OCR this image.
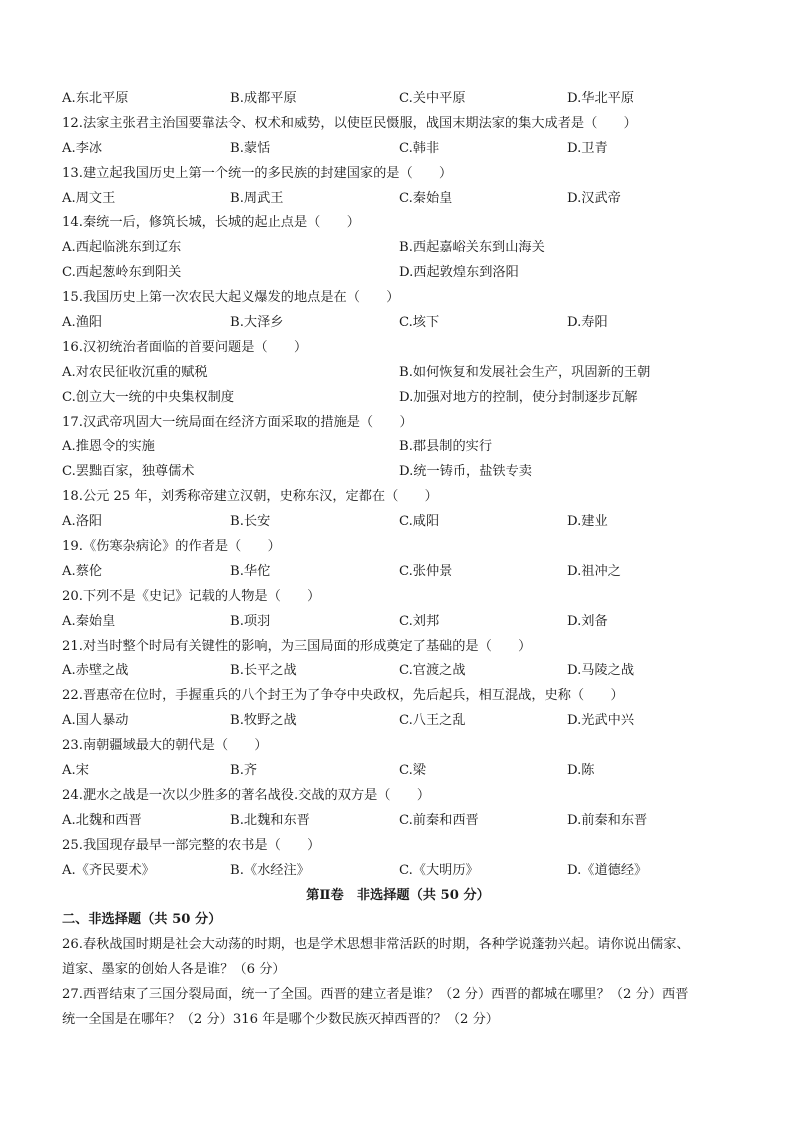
A.东北平原	B.成都平原	C.关中平原	D.华北平原
12.法家主张君主治国要靠法令、权术和威势，以使臣民慑服，战国末期法家的集大成者是（　　）
A.李冰	B.蒙恬	C.韩非	D.卫青
13.建立起我国历史上第一个统一的多民族的封建国家的是（　　）
A.周文王	B.周武王	C.秦始皇	D.汉武帝
14.秦统一后，修筑长城，长城的起止点是（　　）
A.西起临洮东到辽东	B.西起嘉峪关东到山海关
C.西起葱岭东到阳关	D.西起敦煌东到洛阳
15.我国历史上第一次农民大起义爆发的地点是在（　　）
A.渔阳	B.大泽乡	C.垓下	D.寿阳
16.汉初统治者面临的首要问题是（　　）
A.对农民征收沉重的赋税	B.如何恢复和发展社会生产，巩固新的王朝
C.创立大一统的中央集权制度	D.加强对地方的控制，使分封制逐步瓦解
17.汉武帝巩固大一统局面在经济方面采取的措施是（　　）
A.推恩令的实施	B.郡县制的实行
C.罢黜百家，独尊儒术	D.统一铸币，盐铁专卖
18.公元 25 年，刘秀称帝建立汉朝，史称东汉，定都在（　　）
A.洛阳	B.长安	C.咸阳	D.建业
19.《伤寒杂病论》的作者是（　　）
A.蔡伦	B.华佗	C.张仲景	D.祖冲之
20.下列不是《史记》记载的人物是（　　）
A.秦始皇	B.项羽	C.刘邦	D.刘备
21.对当时整个时局有关键性的影响，为三国局面的形成奠定了基础的是（　　）
A.赤壁之战	B.长平之战	C.官渡之战	D.马陵之战
22.晋惠帝在位时，手握重兵的八个封王为了争夺中央政权，先后起兵，相互混战，史称（　　）
A.国人暴动	B.牧野之战	C.八王之乱	D.光武中兴
23.南朝疆域最大的朝代是（　　）
A.宋	B.齐	C.梁	D.陈
24.淝水之战是一次以少胜多的著名战役.交战的双方是（　　）
A.北魏和西晋	B.北魏和东晋	C.前秦和西晋	D.前秦和东晋
25.我国现存最早一部完整的农书是（　　）
A.《齐民要术》	B.《水经注》	C.《大明历》	D.《道德经》
第Ⅱ卷　非选择题（共 50 分）
二、非选择题（共 50 分）
26.春秋战国时期是社会大动荡的时期，也是学术思想非常活跃的时期，各种学说蓬勃兴起。请你说出儒家、
道家、墨家的创始人各是谁？（6 分）
27.西晋结束了三国分裂局面，统一了全国。西晋的建立者是谁？（2 分）西晋的都城在哪里？（2 分）西晋
统一全国是在哪年？（2 分）316 年是哪个少数民族灭掉西晋的？（2 分）
